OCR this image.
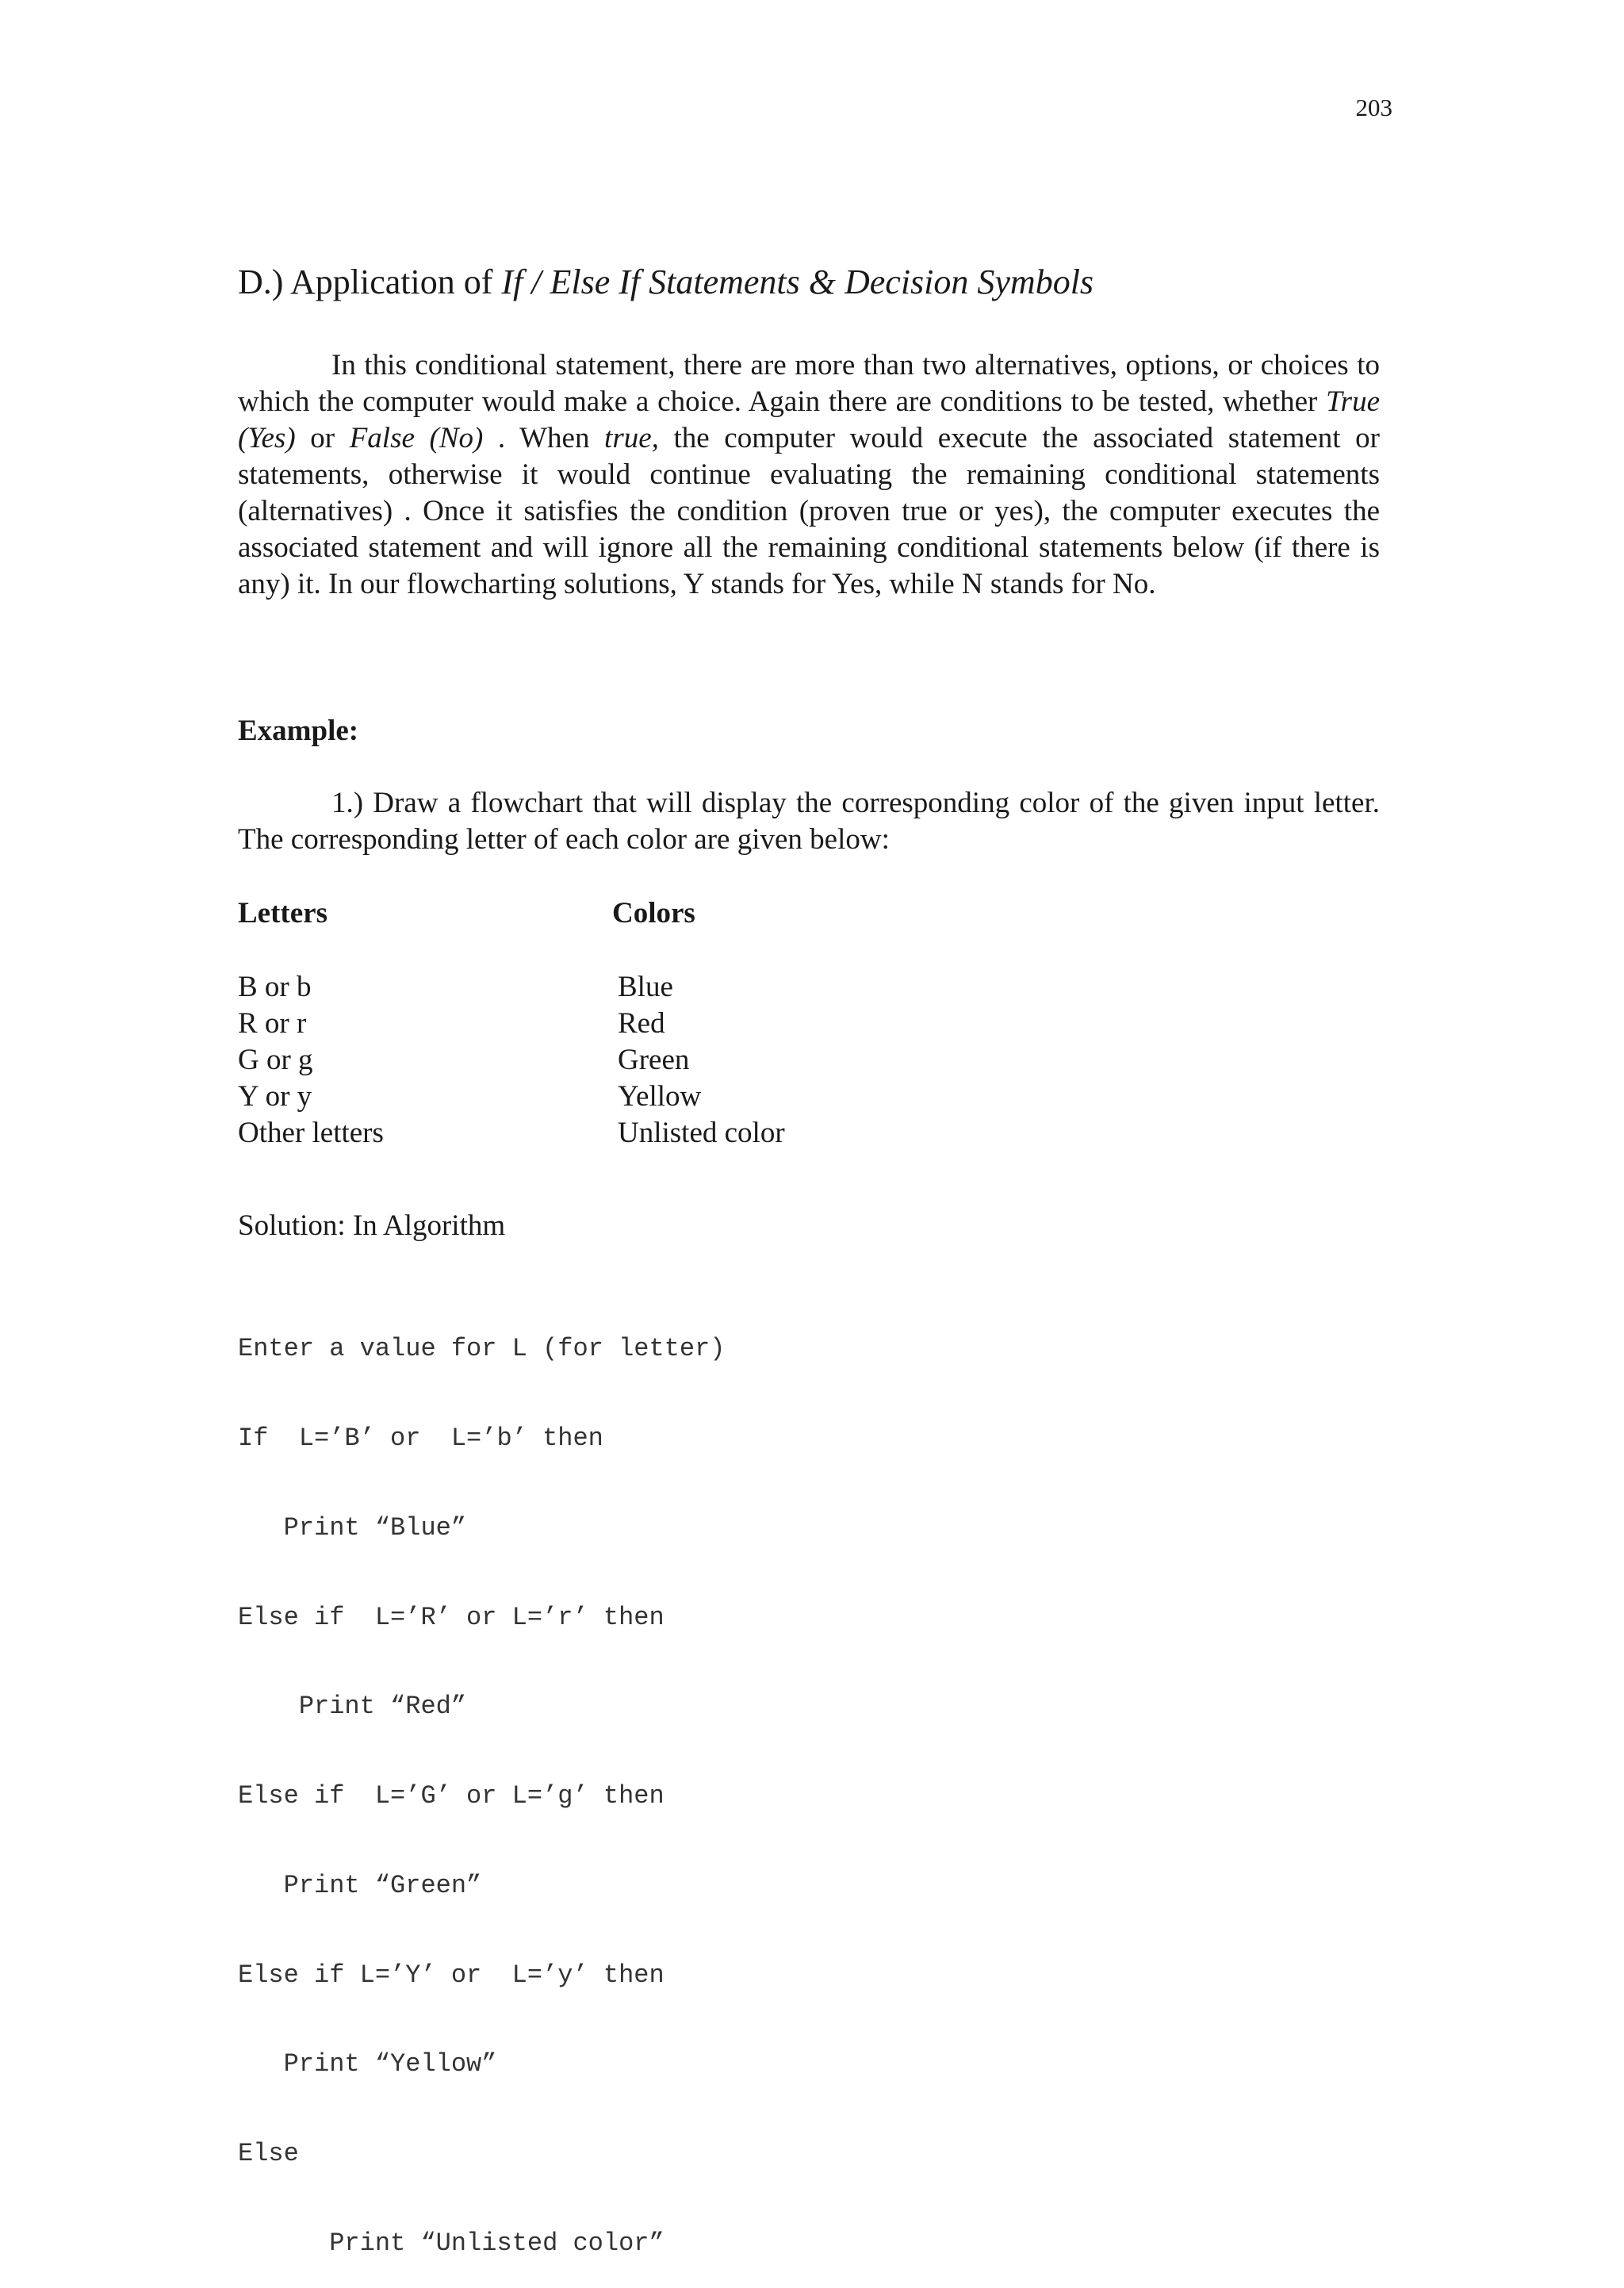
203
D.) Application of If / Else If Statements & Decision Symbols

In this conditional statement, there are more than two alternatives, options, or choices to which the computer would make a choice. Again there are conditions to be tested, whether True (Yes) or False (No) . When true, the computer would execute the associated statement or statements, otherwise it would continue evaluating the remaining conditional statements (alternatives) . Once it satisfies the condition (proven true or yes), the computer executes the associated statement and will ignore all the remaining conditional statements below (if there is any) it. In our flowcharting solutions, Y stands for Yes, while N stands for No.

Example:

1.) Draw a flowchart that will display the corresponding color of the given input letter. The corresponding letter of each color are given below:

Letters	Colors
B or b	Blue
R or r	Red
G or g	Green
Y or y	Yellow
Other letters	Unlisted color
Solution: In Algorithm

Enter a value for L (for letter)

If  L=’B’ or  L=’b’ then

Print “Blue”

Else if  L=’R’ or L=’r’ then

Print “Red”

Else if  L=’G’ or L=’g’ then

Print “Green”

Else if L=’Y’ or  L=’y’ then

Print “Yellow”

Else

Print “Unlisted color”
